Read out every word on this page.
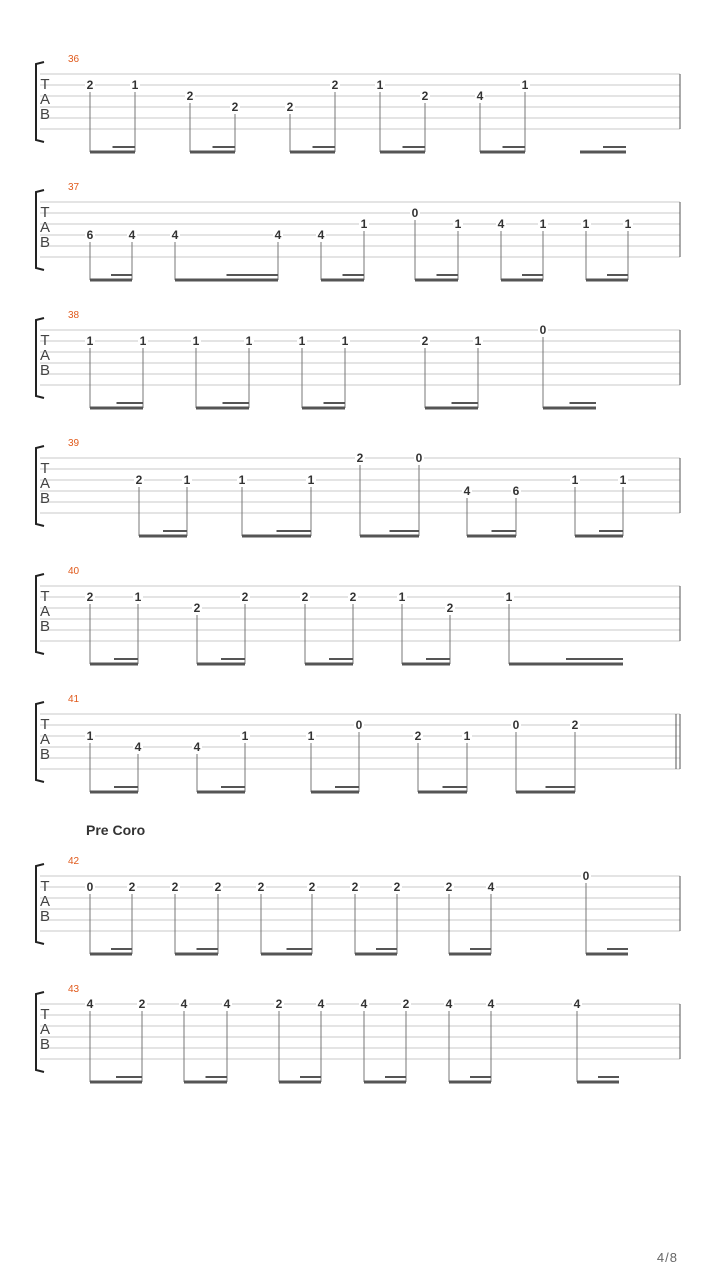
Pre Coro
4/8
36
T
A
B
2	1
2
2	2
2	1
2	4
1
37
T
A
B	6	4	4	4	4
1
0
1	4	1	1	1
38
T
A
B
1	1	1	1	1	1	2	1
0
39
T
A
B
2	1	1	1
2	0
4	6
1	1
40
T
A
B
2	1
2
2	2	2	1
2
1
41
T
A
B
1
4	4
1	1
0
2	1
0	2
42
T
A
B
0	2	2	2	2	2	2	2	2	4
0
43
T
A
B
4	2	4	4	2	4	4	2	4	4	4
